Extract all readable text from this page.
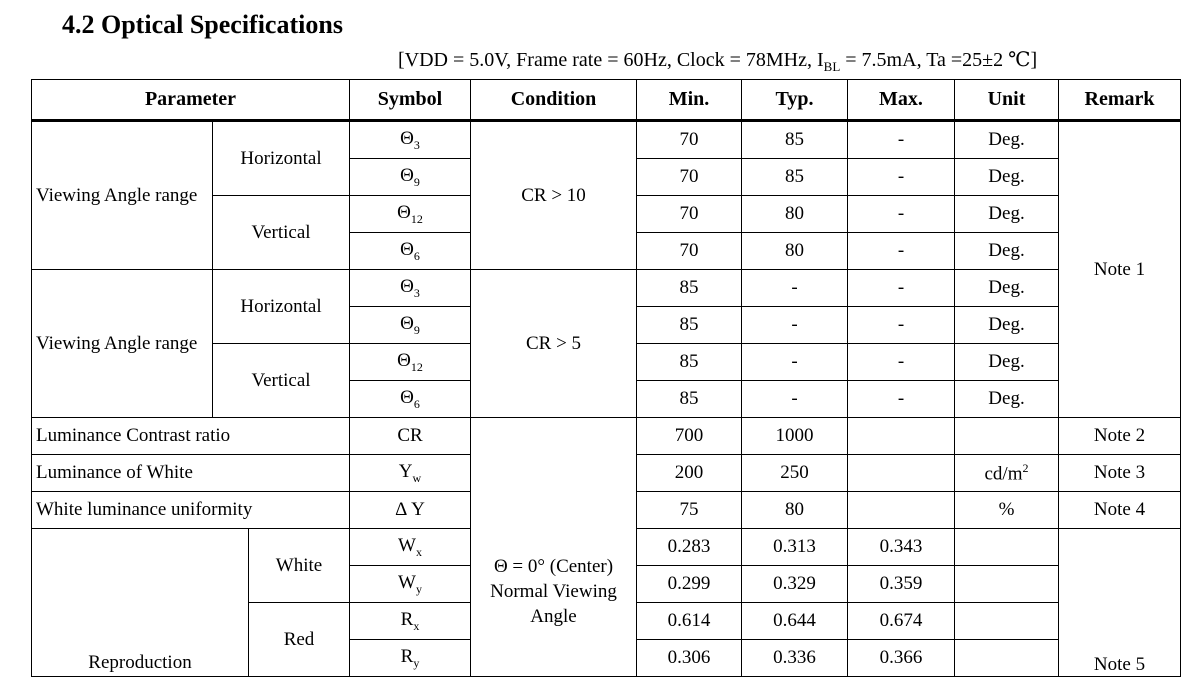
4.2 Optical Specifications
[VDD = 5.0V, Frame rate = 60Hz, Clock = 78MHz, $I_{BL} = 7.5mA$, Ta =25±2 ℃]
Parameter			Symbol	Condition	Min.	Typ.	Max.	Unit	Remark
Viewing Angle range	Horizontal		$\Theta_3$	CR > 10	70	85	-	Deg.	Note 1
			$\Theta_9$		70	85	-	Deg.	
	Vertical		$\Theta_{12}$		70	80	-	Deg.	
			$\Theta_6$		70	80	-	Deg.	
Viewing Angle range	Horizontal		$\Theta_3$	CR > 5	85	-	-	Deg.	
			$\Theta_9$		85	-	-	Deg.	
	Vertical		$\Theta_{12}$		85	-	-	Deg.	
			$\Theta_6$		85	-	-	Deg.	
Luminance Contrast ratio			CR	Θ = 0° (Center) Normal Viewing Angle	700	1000			Note 2
Luminance of White			$Y_w$		200	250		$cd/m^2$	Note 3
White luminance uniformity			Δ Y		75	80		%	Note 4
Reproduction		White	$W_x$		0.283	0.313	0.343		Note 5
			$W_y$		0.299	0.329	0.359		
		Red	$R_x$		0.614	0.644	0.674		
			$R_y$		0.306	0.336	0.366		
